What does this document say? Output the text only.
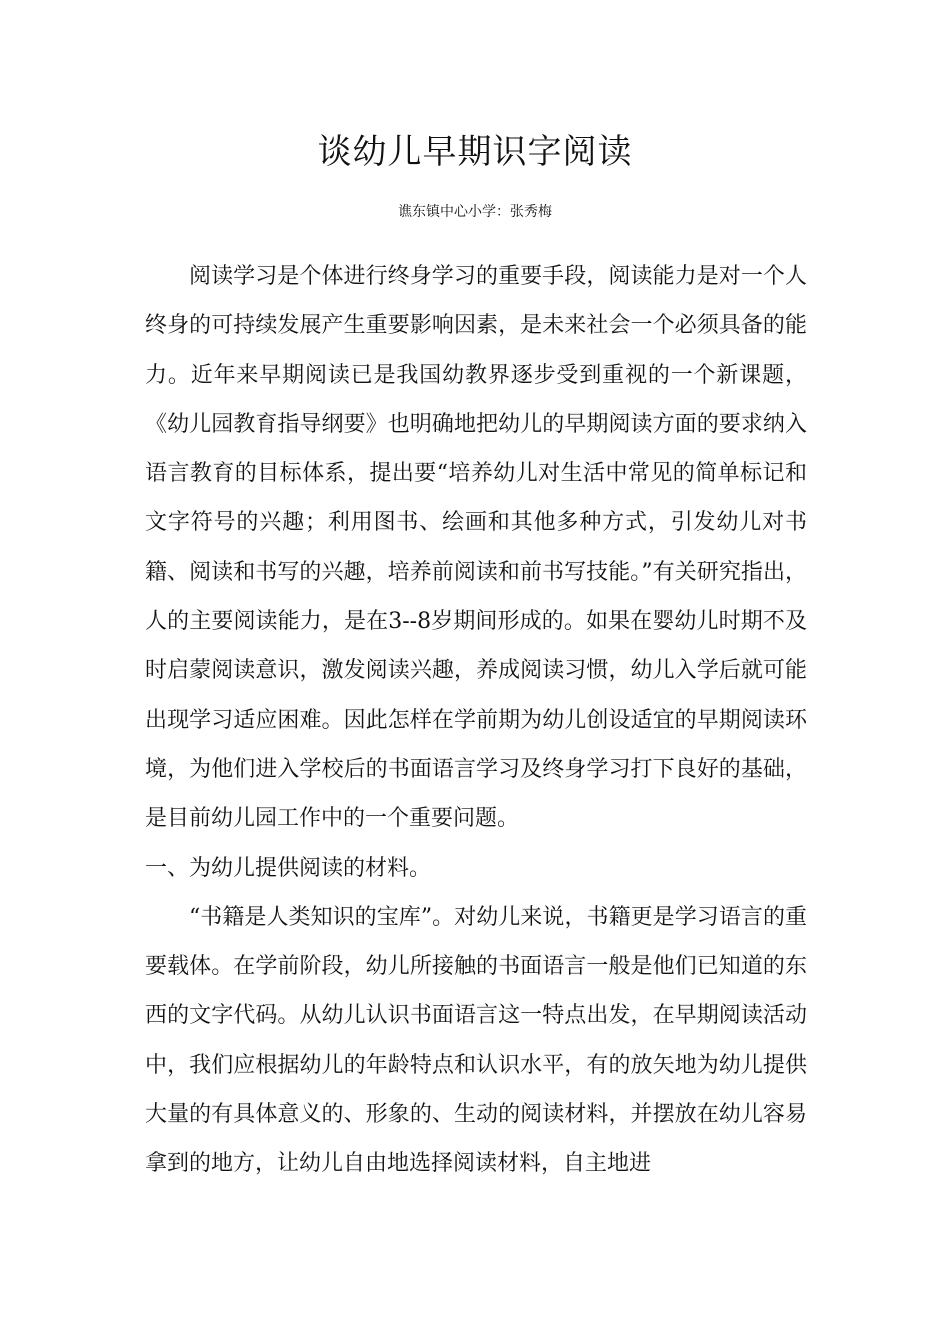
谈幼儿早期识字阅读
谯东镇中心小学：张秀梅

阅读学习是个体进行终身学习的重要手段，阅读能力是对一个人终身的可持续发展产生重要影响因素，是未来社会一个必须具备的能力。近年来早期阅读已是我国幼教界逐步受到重视的一个新课题，《幼儿园教育指导纲要》也明确地把幼儿的早期阅读方面的要求纳入语言教育的目标体系，提出要“培养幼儿对生活中常见的简单标记和文字符号的兴趣；利用图书、绘画和其他多种方式，引发幼儿对书籍、阅读和书写的兴趣，培养前阅读和前书写技能。”有关研究指出，人的主要阅读能力，是在3--8岁期间形成的。如果在婴幼儿时期不及时启蒙阅读意识，激发阅读兴趣，养成阅读习惯，幼儿入学后就可能出现学习适应困难。因此怎样在学前期为幼儿创设适宜的早期阅读环境，为他们进入学校后的书面语言学习及终身学习打下良好的基础，是目前幼儿园工作中的一个重要问题。

一、为幼儿提供阅读的材料。

“书籍是人类知识的宝库”。对幼儿来说，书籍更是学习语言的重要载体。在学前阶段，幼儿所接触的书面语言一般是他们已知道的东西的文字代码。从幼儿认识书面语言这一特点出发，在早期阅读活动中，我们应根据幼儿的年龄特点和认识水平，有的放矢地为幼儿提供大量的有具体意义的、形象的、生动的阅读材料，并摆放在幼儿容易拿到的地方，让幼儿自由地选择阅读材料，自主地进
